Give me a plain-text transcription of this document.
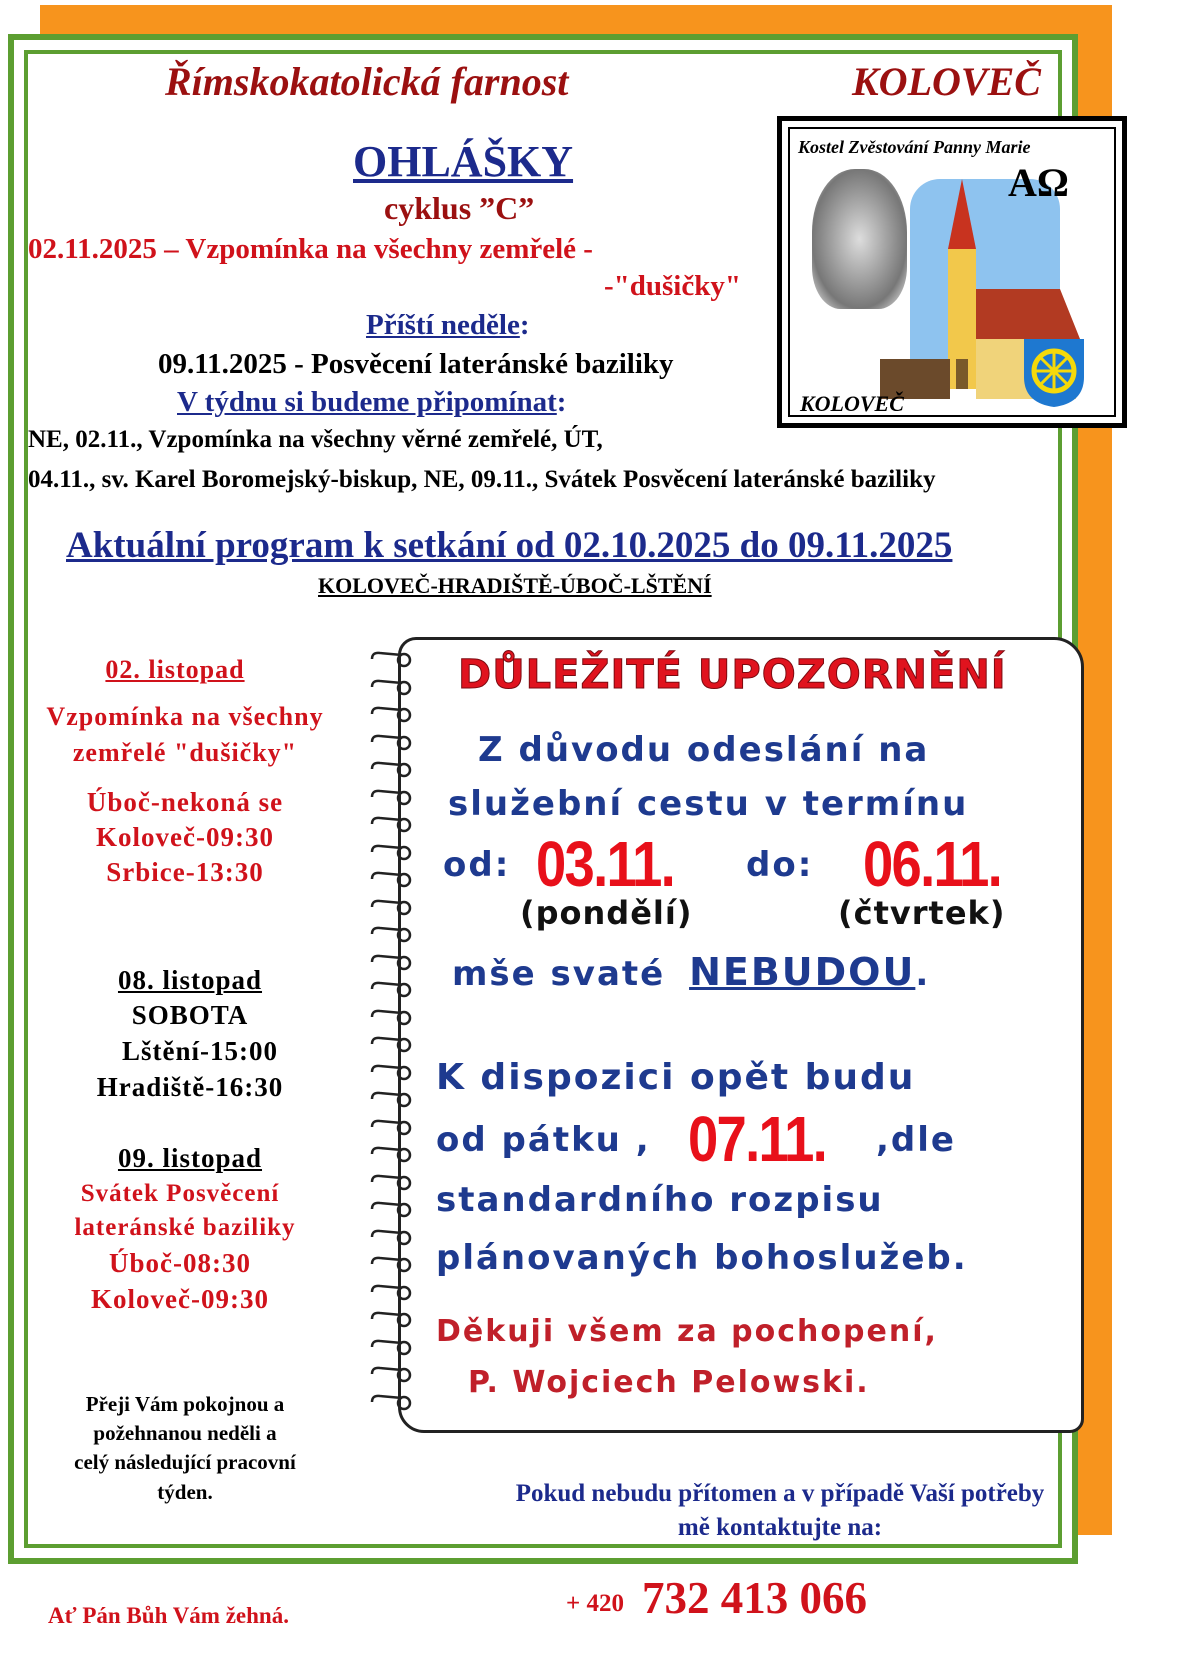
Římskokatolická farnost	KOLOVEČ
OHLÁŠKY
cyklus ”C”
02.11.2025 – Vzpomínka na všechny zemřelé -
-"dušičky"
Příští neděle:
09.11.2025 - Posvěcení lateránské baziliky
V týdnu si budeme připomínat:
NE, 02.11., Vzpomínka na všechny věrné zemřelé, ÚT,
04.11., sv. Karel Boromejský-biskup, NE, 09.11., Svátek Posvěcení lateránské baziliky
Kostel Zvěstování Panny Marie
AΩ
KOLOVEČ
Aktuální program k setkání od 02.10.2025 do 09.11.2025
KOLOVEČ-HRADIŠTĚ-ÚBOČ-LŠTĚNÍ
02. listopad
Vzpomínka na všechny
zemřelé "dušičky"
Úboč-nekoná se
Koloveč-09:30
Srbice-13:30
08. listopad
SOBOTA
Lštění-15:00
Hradiště-16:30
09. listopad
Svátek Posvěcení
lateránské baziliky
Úboč-08:30
Koloveč-09:30
Přeji Vám pokojnou a
požehnanou neděli a
celý následující pracovní
týden.
Ať Pán Bůh Vám žehná.
DŮLEŽITÉ UPOZORNĚNÍ
Z důvodu odeslání na
služební cestu v termínu
od: 03.11. do: 06.11.
(pondělí)	(čtvrtek)
mše svaté NEBUDOU.
K dispozici opět budu
od pátku , 07.11. ,dle
standardního rozpisu
plánovaných bohoslužeb.
Děkuji všem za pochopení,
P. Wojciech Pelowski.
Pokud nebudu přítomen a v případě Vaší potřeby
mě kontaktujte na:
+ 420 732 413 066
